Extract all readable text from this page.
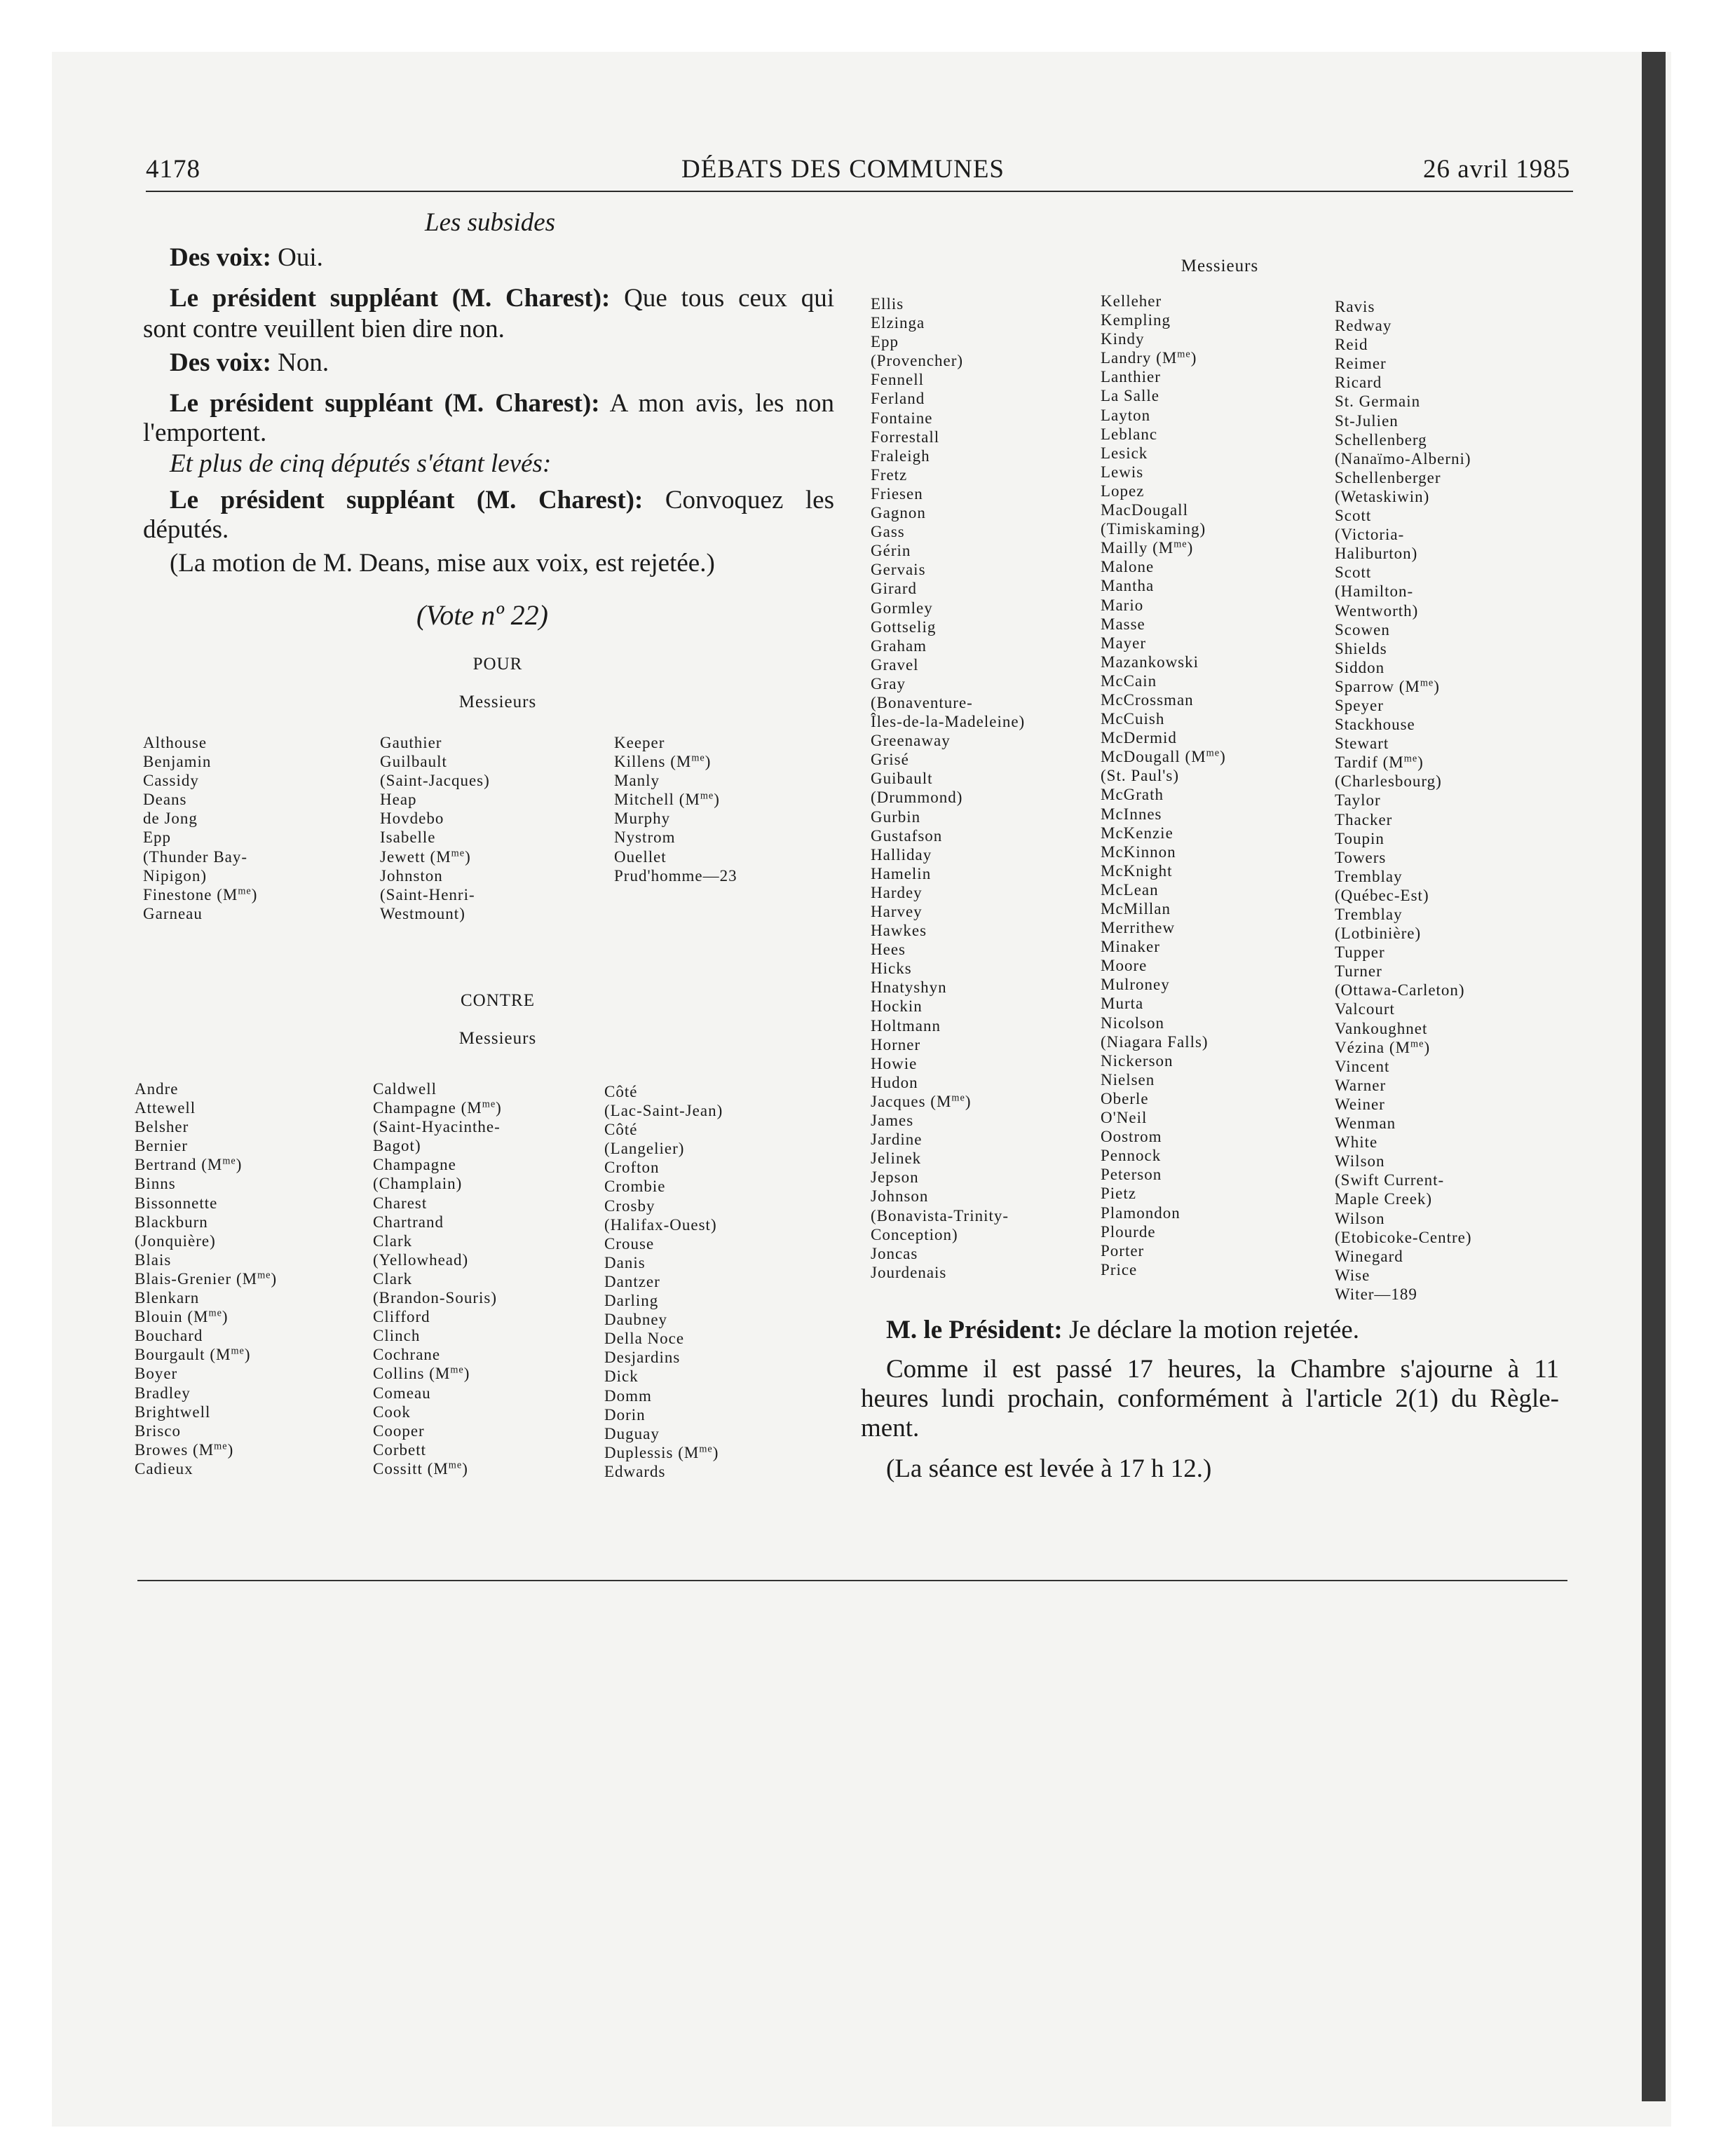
4178	DÉBATS DES COMMUNES	26 avril 1985
Les subsides
Des voix: Oui.
Le président suppléant (M. Charest): Que tous ceux qui
sont contre veuillent bien dire non.
Des voix: Non.
Le président suppléant (M. Charest): A mon avis, les non
l'emportent.
Et plus de cinq députés s'étant levés:
Le président suppléant (M. Charest): Convoquez les
députés.
(La motion de M. Deans, mise aux voix, est rejetée.)
(Vote nº 22)
POUR
Messieurs
Althouse
Benjamin
Cassidy
Deans
de Jong
Epp
(Thunder Bay-
Nipigon)
Finestone $(M^{me})$
Garneau
Gauthier
Guilbault
(Saint-Jacques)
Heap
Hovdebo
Isabelle
Jewett $(M^{me})$
Johnston
(Saint-Henri-
Westmount)
Keeper
Killens $(M^{me})$
Manly
Mitchell $(M^{me})$
Murphy
Nystrom
Ouellet
Prud'homme—23
CONTRE
Messieurs
Andre
Attewell
Belsher
Bernier
Bertrand $(M^{me})$
Binns
Bissonnette
Blackburn
(Jonquière)
Blais
Blais-Grenier $(M^{me})$
Blenkarn
Blouin $(M^{me})$
Bouchard
Bourgault $(M^{me})$
Boyer
Bradley
Brightwell
Brisco
Browes $(M^{me})$
Cadieux
Caldwell
Champagne $(M^{me})$
(Saint-Hyacinthe-
Bagot)
Champagne
(Champlain)
Charest
Chartrand
Clark
(Yellowhead)
Clark
(Brandon-Souris)
Clifford
Clinch
Cochrane
Collins $(M^{me})$
Comeau
Cook
Cooper
Corbett
Cossitt $(M^{me})$
Côté
(Lac-Saint-Jean)
Côté
(Langelier)
Crofton
Crombie
Crosby
(Halifax-Ouest)
Crouse
Danis
Dantzer
Darling
Daubney
Della Noce
Desjardins
Dick
Domm
Dorin
Duguay
Duplessis $(M^{me})$
Edwards
Messieurs
Ellis
Elzinga
Epp
(Provencher)
Fennell
Ferland
Fontaine
Forrestall
Fraleigh
Fretz
Friesen
Gagnon
Gass
Gérin
Gervais
Girard
Gormley
Gottselig
Graham
Gravel
Gray
(Bonaventure-
Îles-de-la-Madeleine)
Greenaway
Grisé
Guibault
(Drummond)
Gurbin
Gustafson
Halliday
Hamelin
Hardey
Harvey
Hawkes
Hees
Hicks
Hnatyshyn
Hockin
Holtmann
Horner
Howie
Hudon
Jacques $(M^{me})$
James
Jardine
Jelinek
Jepson
Johnson
(Bonavista-Trinity-
Conception)
Joncas
Jourdenais
Kelleher
Kempling
Kindy
Landry $(M^{me})$
Lanthier
La Salle
Layton
Leblanc
Lesick
Lewis
Lopez
MacDougall
(Timiskaming)
Mailly $(M^{me})$
Malone
Mantha
Mario
Masse
Mayer
Mazankowski
McCain
McCrossman
McCuish
McDermid
McDougall $(M^{me})$
(St. Paul's)
McGrath
McInnes
McKenzie
McKinnon
McKnight
McLean
McMillan
Merrithew
Minaker
Moore
Mulroney
Murta
Nicolson
(Niagara Falls)
Nickerson
Nielsen
Oberle
O'Neil
Oostrom
Pennock
Peterson
Pietz
Plamondon
Plourde
Porter
Price
Ravis
Redway
Reid
Reimer
Ricard
St. Germain
St-Julien
Schellenberg
(Nanaïmo-Alberni)
Schellenberger
(Wetaskiwin)
Scott
(Victoria-
Haliburton)
Scott
(Hamilton-
Wentworth)
Scowen
Shields
Siddon
Sparrow $(M^{me})$
Speyer
Stackhouse
Stewart
Tardif $(M^{me})$
(Charlesbourg)
Taylor
Thacker
Toupin
Towers
Tremblay
(Québec-Est)
Tremblay
(Lotbinière)
Tupper
Turner
(Ottawa-Carleton)
Valcourt
Vankoughnet
Vézina $(M^{me})$
Vincent
Warner
Weiner
Wenman
White
Wilson
(Swift Current-
Maple Creek)
Wilson
(Etobicoke-Centre)
Winegard
Wise
Witer—189
M. le Président: Je déclare la motion rejetée.
Comme il est passé 17 heures, la Chambre s'ajourne à 11
heures lundi prochain, conformément à l'article 2(1) du Règle-
ment.
(La séance est levée à 17 h 12.)
